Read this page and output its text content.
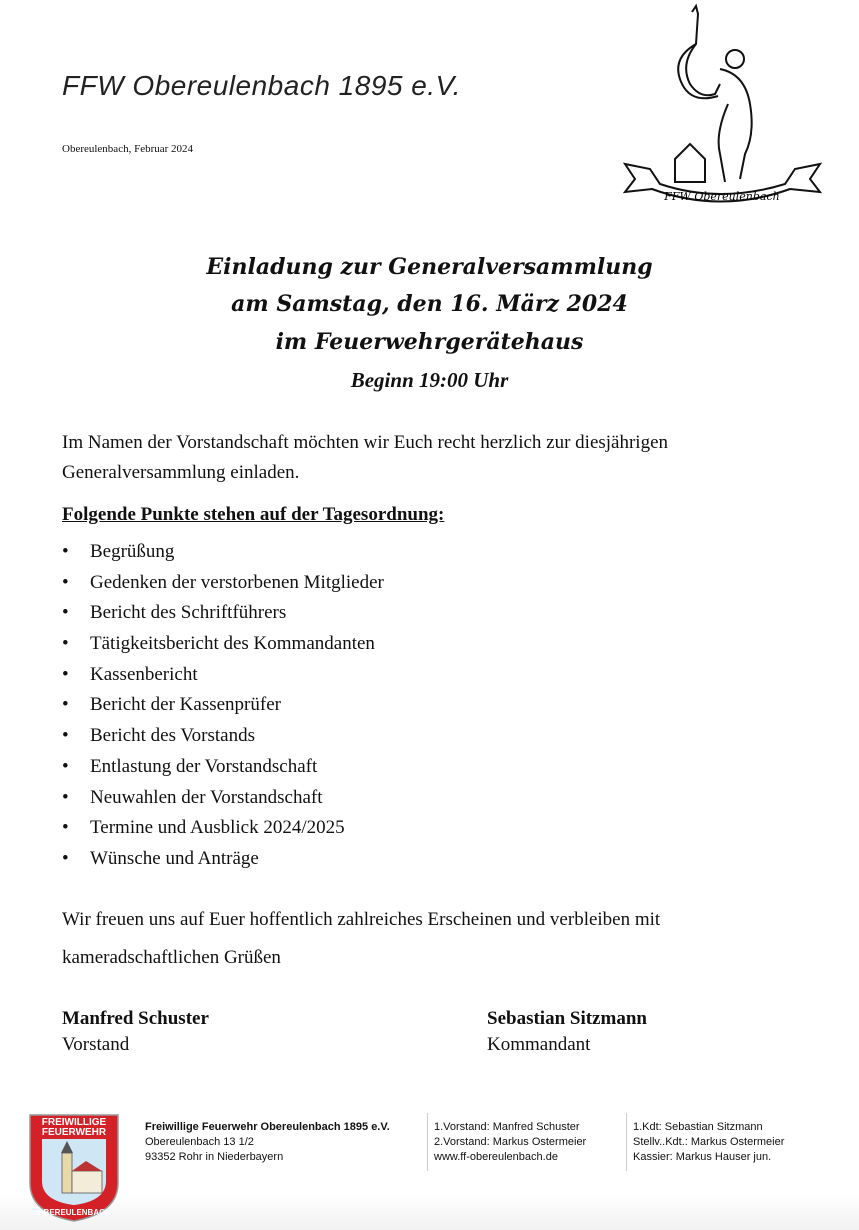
FFW Obereulenbach 1895 e.V.
Obereulenbach, Februar 2024
FFW Obereulenbach
Einladung zur Generalversammlung
am Samstag, den 16. März 2024
im Feuerwehrgerätehaus
Beginn 19:00 Uhr
Im Namen der Vorstandschaft möchten wir Euch recht herzlich zur diesjährigen Generalversammlung einladen.
Folgende Punkte stehen auf der Tagesordnung:
•	Begrüßung
•	Gedenken der verstorbenen Mitglieder
•	Bericht des Schriftführers
•	Tätigkeitsbericht des Kommandanten
•	Kassenbericht
•	Bericht der Kassenprüfer
•	Bericht des Vorstands
•	Entlastung der Vorstandschaft
•	Neuwahlen der Vorstandschaft
•	Termine und Ausblick 2024/2025
•	Wünsche und Anträge
Wir freuen uns auf Euer hoffentlich zahlreiches Erscheinen und verbleiben mit kameradschaftlichen Grüßen
Manfred Schuster
Vorstand
Sebastian Sitzmann
Kommandant
FREIWILLIGE
FEUERWEHR
OBEREULENBACH
Freiwillige Feuerwehr Obereulenbach 1895 e.V.
Obereulenbach 13 1/2
93352 Rohr in Niederbayern
1.Vorstand: Manfred Schuster
2.Vorstand: Markus Ostermeier
www.ff-obereulenbach.de
1.Kdt: Sebastian Sitzmann
Stellv..Kdt.: Markus Ostermeier
Kassier: Markus Hauser jun.
